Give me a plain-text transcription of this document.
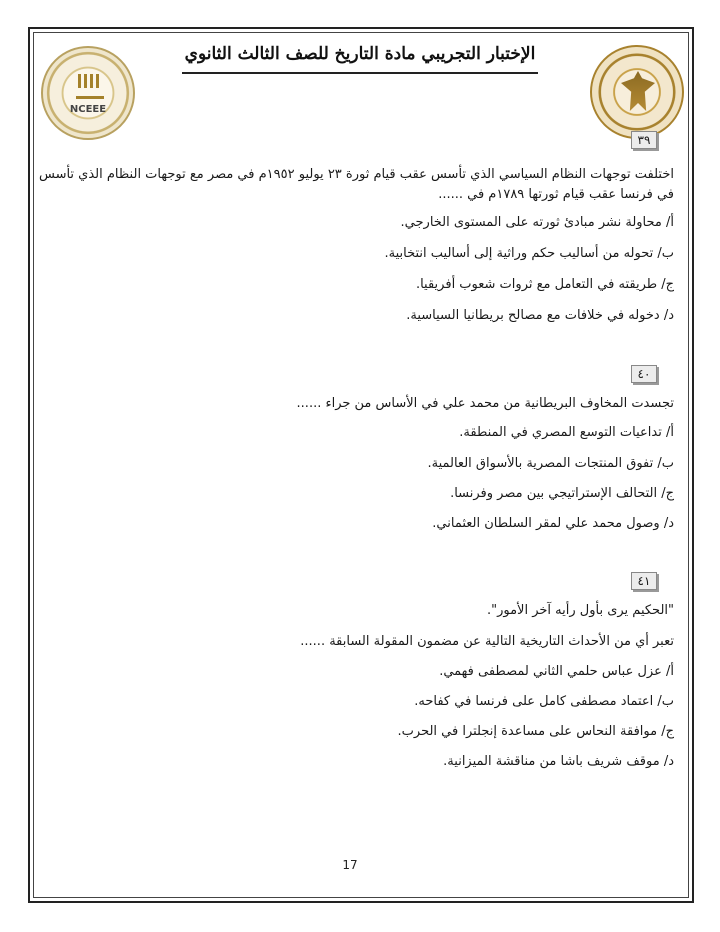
NCEEE
الإختبار التجريبي مادة التاريخ للصف الثالث الثانوي
٣٩
اختلفت توجهات النظام السياسي الذي تأسس عقب قيام ثورة ٢٣ يوليو ١٩٥٢م في مصر مع توجهات النظام الذي تأسس
في فرنسا عقب قيام ثورتها ١٧٨٩م في ......
أ/ محاولة نشر مبادئ ثورته على المستوى الخارجي.
ب/ تحوله من أساليب حكم وراثية إلى أساليب انتخابية.
ج/ طريقته في التعامل مع ثروات شعوب أفريقيا.
د/ دخوله في خلافات مع مصالح بريطانيا السياسية.
٤٠
تجسدت المخاوف البريطانية من محمد علي في الأساس من جراء ......
أ/ تداعيات التوسع المصري في المنطقة.
ب/ تفوق المنتجات المصرية بالأسواق العالمية.
ج/ التحالف الإستراتيجي بين مصر وفرنسا.
د/ وصول محمد علي لمقر السلطان العثماني.
٤١
"الحكيم يرى بأول رأيه آخر الأمور".
تعبر أي من الأحداث التاريخية التالية عن مضمون المقولة السابقة ......
أ/ عزل عباس حلمي الثاني لمصطفى فهمي.
ب/ اعتماد مصطفى كامل على فرنسا في كفاحه.
ج/ موافقة النحاس على مساعدة إنجلترا في الحرب.
د/ موقف شريف باشا من مناقشة الميزانية.
17
